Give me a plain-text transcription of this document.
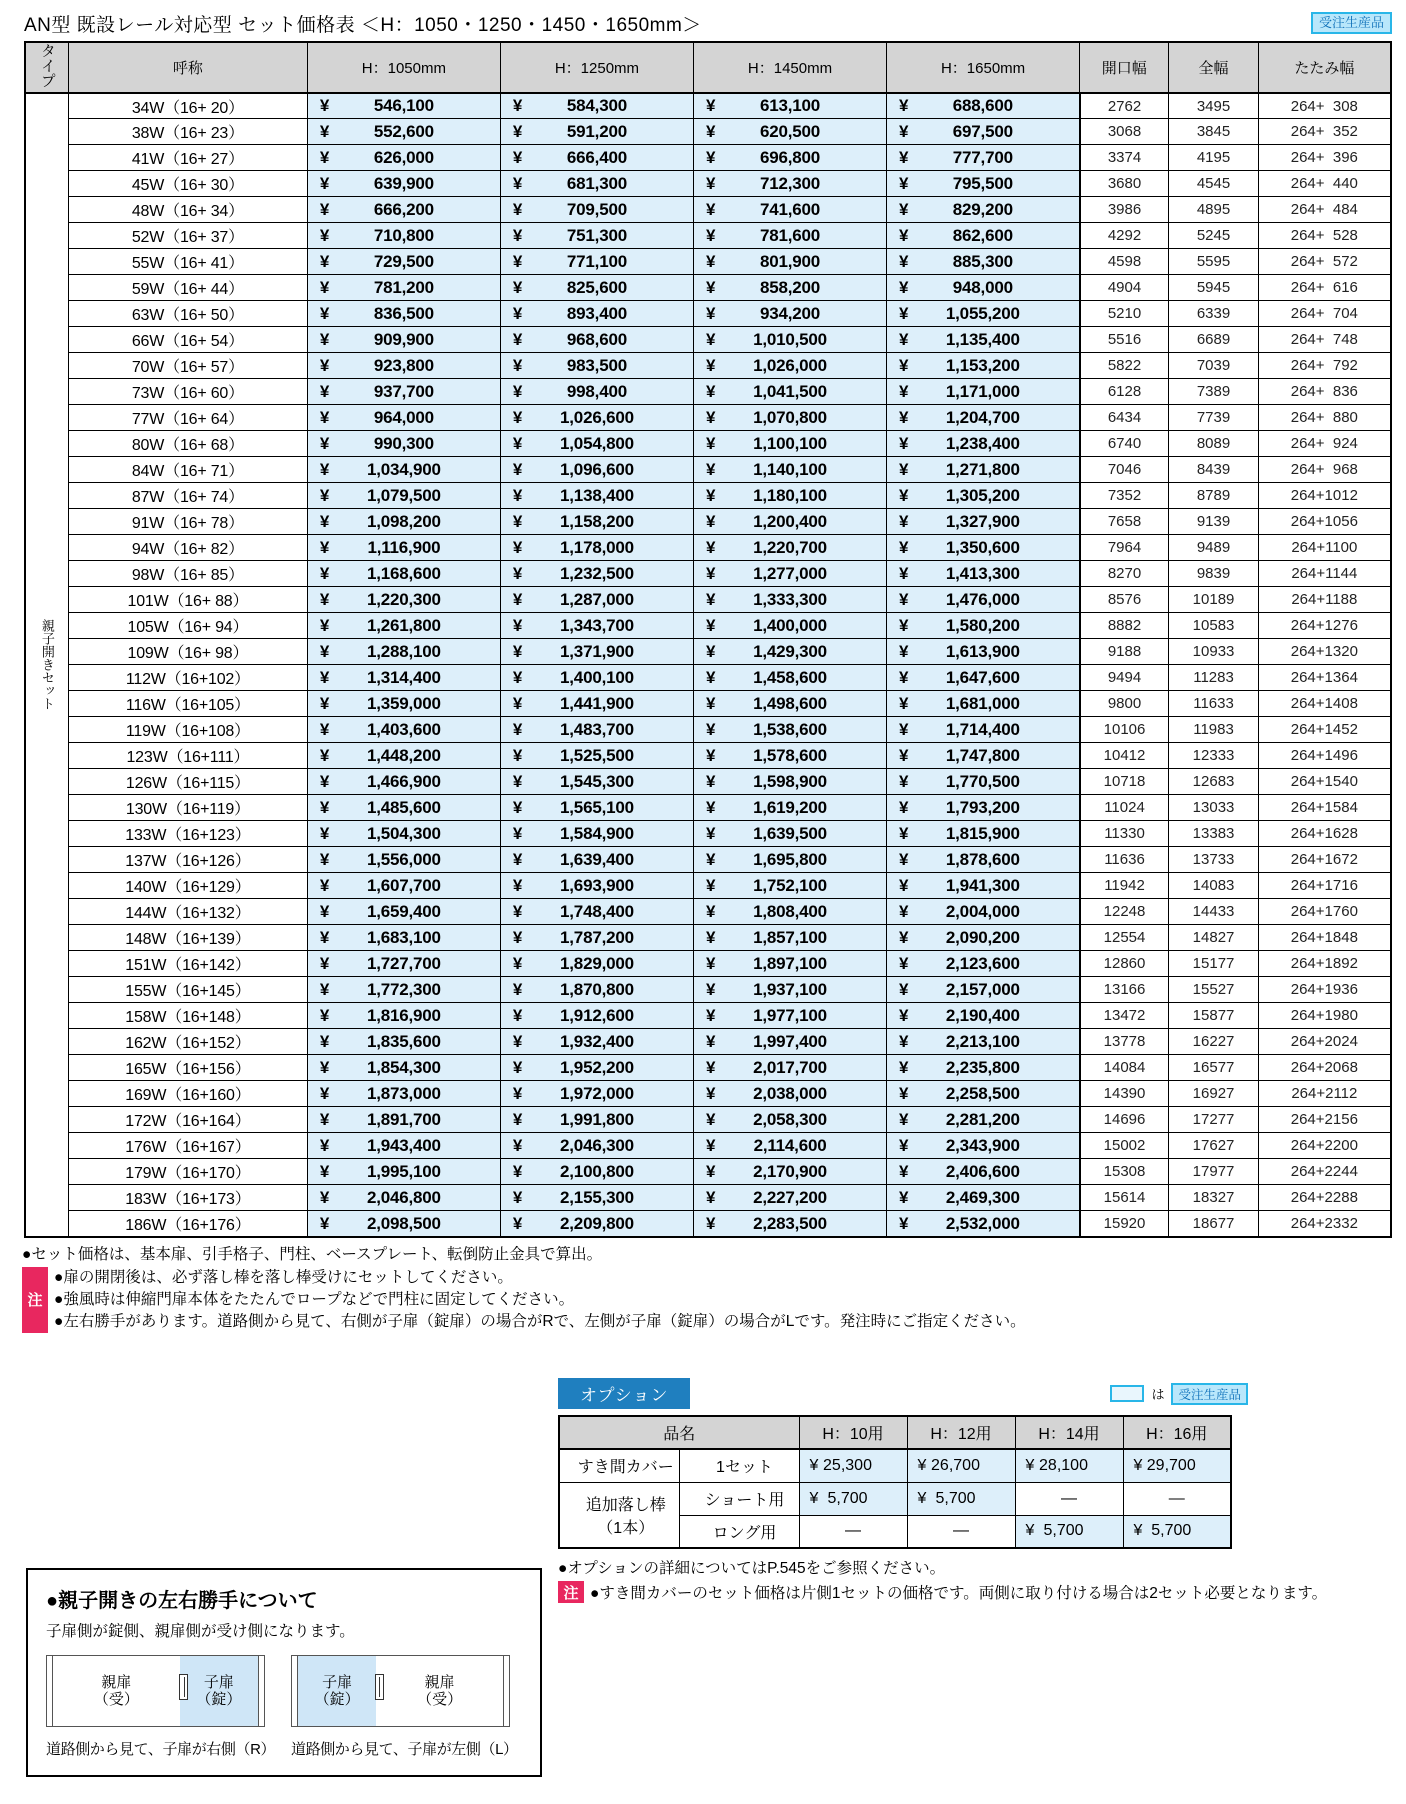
AN型 既設レール対応型 セット価格表 ＜H：1050・1250・1450・1650mm＞	受注生産品
タイプ	呼称	H：1050mm	H：1250mm	H：1450mm	H：1650mm	開口幅	全幅	たたみ幅
親子開きセット	34W（16+ 20）	¥ 546,100	¥ 584,300	¥ 613,100	¥ 688,600	2762	3495	264+  308
	38W（16+ 23）	¥ 552,600	¥ 591,200	¥ 620,500	¥ 697,500	3068	3845	264+  352
	41W（16+ 27）	¥ 626,000	¥ 666,400	¥ 696,800	¥ 777,700	3374	4195	264+  396
	45W（16+ 30）	¥ 639,900	¥ 681,300	¥ 712,300	¥ 795,500	3680	4545	264+  440
	48W（16+ 34）	¥ 666,200	¥ 709,500	¥ 741,600	¥ 829,200	3986	4895	264+  484
	52W（16+ 37）	¥ 710,800	¥ 751,300	¥ 781,600	¥ 862,600	4292	5245	264+  528
	55W（16+ 41）	¥ 729,500	¥ 771,100	¥ 801,900	¥ 885,300	4598	5595	264+  572
	59W（16+ 44）	¥ 781,200	¥ 825,600	¥ 858,200	¥ 948,000	4904	5945	264+  616
	63W（16+ 50）	¥ 836,500	¥ 893,400	¥ 934,200	¥ 1,055,200	5210	6339	264+  704
	66W（16+ 54）	¥ 909,900	¥ 968,600	¥ 1,010,500	¥ 1,135,400	5516	6689	264+  748
	70W（16+ 57）	¥ 923,800	¥ 983,500	¥ 1,026,000	¥ 1,153,200	5822	7039	264+  792
	73W（16+ 60）	¥ 937,700	¥ 998,400	¥ 1,041,500	¥ 1,171,000	6128	7389	264+  836
	77W（16+ 64）	¥ 964,000	¥ 1,026,600	¥ 1,070,800	¥ 1,204,700	6434	7739	264+  880
	80W（16+ 68）	¥ 990,300	¥ 1,054,800	¥ 1,100,100	¥ 1,238,400	6740	8089	264+  924
	84W（16+ 71）	¥ 1,034,900	¥ 1,096,600	¥ 1,140,100	¥ 1,271,800	7046	8439	264+  968
	87W（16+ 74）	¥ 1,079,500	¥ 1,138,400	¥ 1,180,100	¥ 1,305,200	7352	8789	264+1012
	91W（16+ 78）	¥ 1,098,200	¥ 1,158,200	¥ 1,200,400	¥ 1,327,900	7658	9139	264+1056
	94W（16+ 82）	¥ 1,116,900	¥ 1,178,000	¥ 1,220,700	¥ 1,350,600	7964	9489	264+1100
	98W（16+ 85）	¥ 1,168,600	¥ 1,232,500	¥ 1,277,000	¥ 1,413,300	8270	9839	264+1144
	101W（16+ 88）	¥ 1,220,300	¥ 1,287,000	¥ 1,333,300	¥ 1,476,000	8576	10189	264+1188
	105W（16+ 94）	¥ 1,261,800	¥ 1,343,700	¥ 1,400,000	¥ 1,580,200	8882	10583	264+1276
	109W（16+ 98）	¥ 1,288,100	¥ 1,371,900	¥ 1,429,300	¥ 1,613,900	9188	10933	264+1320
	112W（16+102）	¥ 1,314,400	¥ 1,400,100	¥ 1,458,600	¥ 1,647,600	9494	11283	264+1364
	116W（16+105）	¥ 1,359,000	¥ 1,441,900	¥ 1,498,600	¥ 1,681,000	9800	11633	264+1408
	119W（16+108）	¥ 1,403,600	¥ 1,483,700	¥ 1,538,600	¥ 1,714,400	10106	11983	264+1452
	123W（16+111）	¥ 1,448,200	¥ 1,525,500	¥ 1,578,600	¥ 1,747,800	10412	12333	264+1496
	126W（16+115）	¥ 1,466,900	¥ 1,545,300	¥ 1,598,900	¥ 1,770,500	10718	12683	264+1540
	130W（16+119）	¥ 1,485,600	¥ 1,565,100	¥ 1,619,200	¥ 1,793,200	11024	13033	264+1584
	133W（16+123）	¥ 1,504,300	¥ 1,584,900	¥ 1,639,500	¥ 1,815,900	11330	13383	264+1628
	137W（16+126）	¥ 1,556,000	¥ 1,639,400	¥ 1,695,800	¥ 1,878,600	11636	13733	264+1672
	140W（16+129）	¥ 1,607,700	¥ 1,693,900	¥ 1,752,100	¥ 1,941,300	11942	14083	264+1716
	144W（16+132）	¥ 1,659,400	¥ 1,748,400	¥ 1,808,400	¥ 2,004,000	12248	14433	264+1760
	148W（16+139）	¥ 1,683,100	¥ 1,787,200	¥ 1,857,100	¥ 2,090,200	12554	14827	264+1848
	151W（16+142）	¥ 1,727,700	¥ 1,829,000	¥ 1,897,100	¥ 2,123,600	12860	15177	264+1892
	155W（16+145）	¥ 1,772,300	¥ 1,870,800	¥ 1,937,100	¥ 2,157,000	13166	15527	264+1936
	158W（16+148）	¥ 1,816,900	¥ 1,912,600	¥ 1,977,100	¥ 2,190,400	13472	15877	264+1980
	162W（16+152）	¥ 1,835,600	¥ 1,932,400	¥ 1,997,400	¥ 2,213,100	13778	16227	264+2024
	165W（16+156）	¥ 1,854,300	¥ 1,952,200	¥ 2,017,700	¥ 2,235,800	14084	16577	264+2068
	169W（16+160）	¥ 1,873,000	¥ 1,972,000	¥ 2,038,000	¥ 2,258,500	14390	16927	264+2112
	172W（16+164）	¥ 1,891,700	¥ 1,991,800	¥ 2,058,300	¥ 2,281,200	14696	17277	264+2156
	176W（16+167）	¥ 1,943,400	¥ 2,046,300	¥ 2,114,600	¥ 2,343,900	15002	17627	264+2200
	179W（16+170）	¥ 1,995,100	¥ 2,100,800	¥ 2,170,900	¥ 2,406,600	15308	17977	264+2244
	183W（16+173）	¥ 2,046,800	¥ 2,155,300	¥ 2,227,200	¥ 2,469,300	15614	18327	264+2288
	186W（16+176）	¥ 2,098,500	¥ 2,209,800	¥ 2,283,500	¥ 2,532,000	15920	18677	264+2332
●セット価格は、基本扉、引手格子、門柱、ベースプレート、転倒防止金具で算出。
注
●扉の開閉後は、必ず落し棒を落し棒受けにセットしてください。
●強風時は伸縮門扉本体をたたんでロープなどで門柱に固定してください。
●左右勝手があります。道路側から見て、右側が子扉（錠扉）の場合がRで、左側が子扉（錠扉）の場合がLです。発注時にご指定ください。
●親子開きの左右勝手について
子扉側が錠側、親扉側が受け側になります。
親扉
（受）
子扉
（錠）
道路側から見て、子扉が右側（R）
子扉
（錠）
親扉
（受）
道路側から見て、子扉が左側（L）
オプション	は	受注生産品
品名		H：10用	H：12用	H：14用	H：16用
すき間カバー	1セット	¥ 25,300	¥ 26,700	¥ 28,100	¥ 29,700
追加落し棒（1本）	ショート用	¥ 5,700	¥ 5,700	—	—
	ロング用	—	—	¥ 5,700	¥ 5,700
●オプションの詳細についてはP.545をご参照ください。
注 ●すき間カバーのセット価格は片側1セットの価格です。両側に取り付ける場合は2セット必要となります。
